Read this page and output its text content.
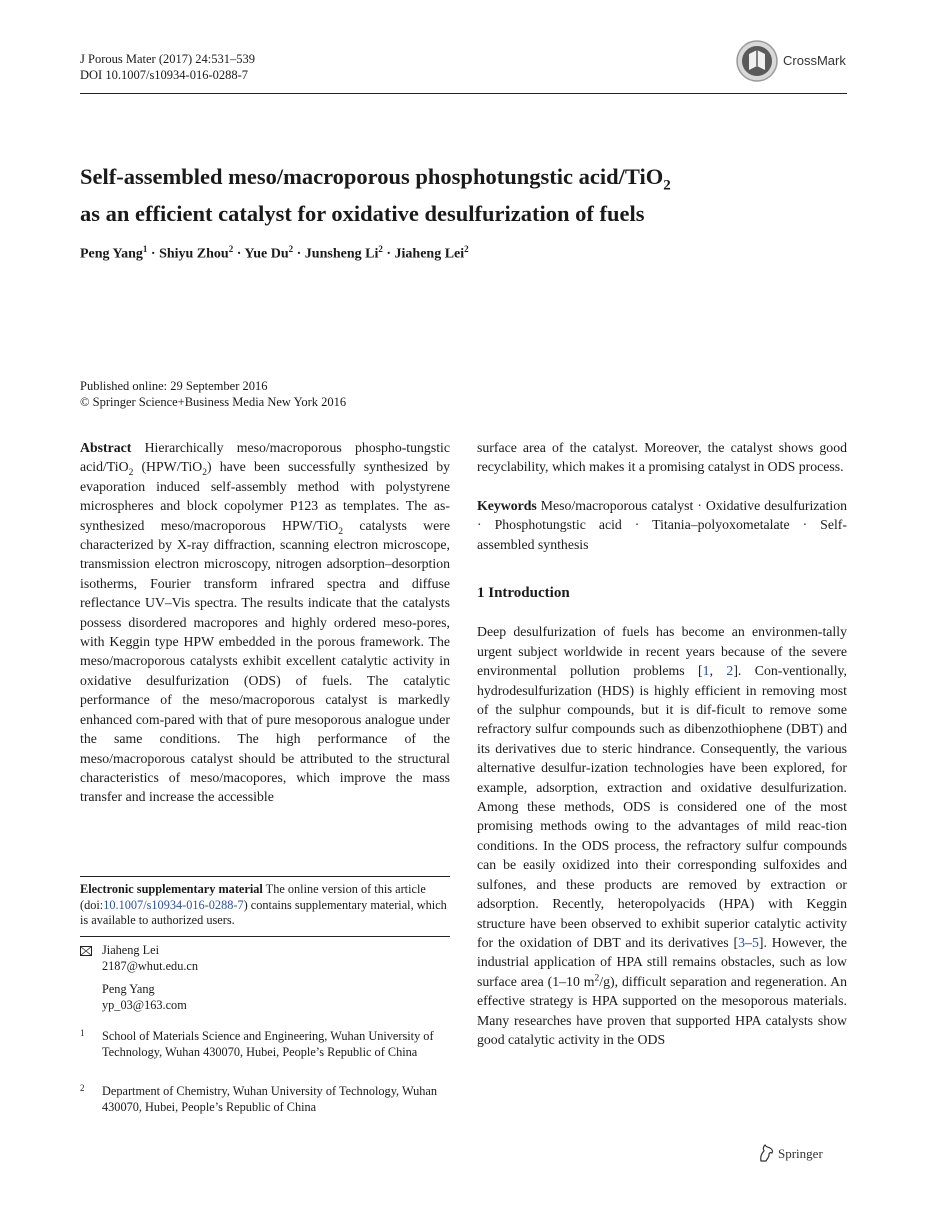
J Porous Mater (2017) 24:531–539
DOI 10.1007/s10934-016-0288-7
CrossMark
Self-assembled meso/macroporous phosphotungstic acid/TiO$_2$
as an efficient catalyst for oxidative desulfurization of fuels
Peng Yang$^1$ · Shiyu Zhou$^2$ · Yue $Du^2$ · Junsheng $Li^2$ · Jiaheng Lei$^2$
Published online: 29 September 2016
© Springer Science+Business Media New York 2016

Abstract Hierarchically meso/macroporous phospho-tungstic acid/TiO$_2$ (HPW/TiO$_2$) have been successfully synthesized by evaporation induced self-assembly method with polystyrene microspheres and block copolymer P123 as templates. The as-synthesized meso/macroporous HPW/TiO$_2$ catalysts were characterized by X-ray diffraction, scanning electron microscope, transmission electron microscopy, nitrogen adsorption–desorption isotherms, Fourier transform infrared spectra and diffuse reflectance UV–Vis spectra. The results indicate that the catalysts possess disordered macropores and highly ordered meso-pores, with Keggin type HPW embedded in the porous framework. The meso/macroporous catalysts exhibit excellent catalytic activity in oxidative desulfurization (ODS) of fuels. The catalytic performance of the meso/macroporous catalyst is markedly enhanced com-pared with that of pure mesoporous analogue under the same conditions. The high performance of the meso/macroporous catalyst should be attributed to the structural characteristics of meso/macopores, which improve the mass transfer and increase the accessible

surface area of the catalyst. Moreover, the catalyst shows good recyclability, which makes it a promising catalyst in ODS process.

Keywords Meso/macroporous catalyst · Oxidative desulfurization · Phosphotungstic acid · Titania–polyoxometalate · Self-assembled synthesis

1 Introduction

Deep desulfurization of fuels has become an environmen-tally urgent subject worldwide in recent years because of the severe environmental pollution problems [1, 2]. Con-ventionally, hydrodesulfurization (HDS) is highly efficient in removing most of the sulphur compounds, but it is dif-ficult to remove some refractory sulfur compounds such as dibenzothiophene (DBT) and its derivatives due to steric hindrance. Consequently, the various alternative desulfur-ization technologies have been explored, for example, adsorption, extraction and oxidative desulfurization. Among these methods, ODS is considered one of the most promising methods owing to the advantages of mild reac-tion conditions. In the ODS process, the refractory sulfur compounds can be easily oxidized into their corresponding sulfoxides and sulfones, and these products are removed by extraction or adsorption. Recently, heteropolyacids (HPA) with Keggin structure have been observed to exhibit superior catalytic activity for the oxidation of DBT and its derivatives [3–5]. However, the industrial application of HPA still remains obstacles, such as low surface area (1–10 $m^2/g$), difficult separation and regeneration. An effective strategy is HPA supported on the mesoporous materials. Many researches have proven that supported HPA catalysts show good catalytic activity in the ODS

Electronic supplementary material The online version of this article (doi:10.1007/s10934-016-0288-7) contains supplementary material, which is available to authorized users.
Jiaheng Lei
2187@whut.edu.cn
Peng Yang
yp_03@163.com
1 School of Materials Science and Engineering, Wuhan University of Technology, Wuhan 430070, Hubei, People’s Republic of China
2 Department of Chemistry, Wuhan University of Technology, Wuhan 430070, Hubei, People’s Republic of China
Springer
